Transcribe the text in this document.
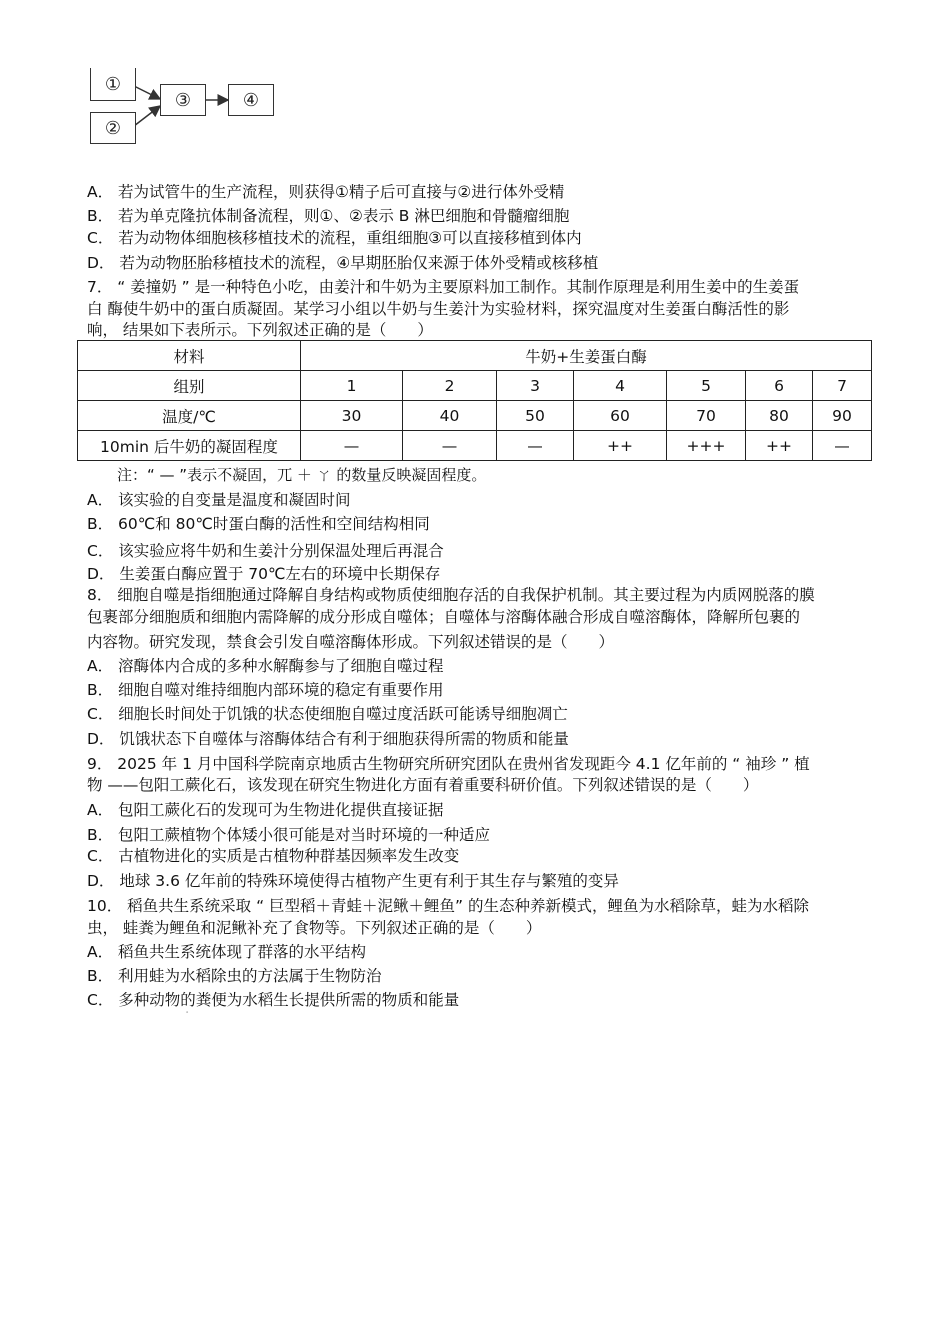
①
②
③	④
A． 若为试管牛的生产流程，则获得①精子后可直接与②进行体外受精
B． 若为单克隆抗体制备流程，则①、②表示 B 淋巴细胞和骨髓瘤细胞
C． 若为动物体细胞核移植技术的流程，重组细胞③可以直接移植到体内
D． 若为动物胚胎移植技术的流程，④早期胚胎仅来源于体外受精或核移植
7． “ 姜撞奶 ” 是一种特色小吃，由姜汁和牛奶为主要原料加工制作。其制作原理是利用生姜中的生姜蛋
白 酶使牛奶中的蛋白质凝固。某学习小组以牛奶与生姜汁为实验材料，探究温度对生姜蛋白酶活性的影
响， 结果如下表所示。下列叙述正确的是（　　）
材料	牛奶+生姜蛋白酶						
组别	1	2	3	4	5	6	7
温度/℃	30	40	50	60	70	80	90
10min 后牛奶的凝固程度	—	—	—	++	+++	++	—
注：“ — ”表示不凝固，ㄫ ＋ ㄚ 的数量反映凝固程度。
A． 该实验的自变量是温度和凝固时间
B． 60℃和 80℃时蛋白酶的活性和空间结构相同
C． 该实验应将牛奶和生姜汁分别保温处理后再混合
D． 生姜蛋白酶应置于 70℃左右的环境中长期保存
8． 细胞自噬是指细胞通过降解自身结构或物质使细胞存活的自我保护机制。其主要过程为内质网脱落的膜
包裹部分细胞质和细胞内需降解的成分形成自噬体；自噬体与溶酶体融合形成自噬溶酶体，降解所包裹的
内容物。研究发现，禁食会引发自噬溶酶体形成。下列叙述错误的是（　　）
A． 溶酶体内合成的多种水解酶参与了细胞自噬过程
B． 细胞自噬对维持细胞内部环境的稳定有重要作用
C． 细胞长时间处于饥饿的状态使细胞自噬过度活跃可能诱导细胞凋亡
D． 饥饿状态下自噬体与溶酶体结合有利于细胞获得所需的物质和能量
9． 2025 年 1 月中国科学院南京地质古生物研究所研究团队在贵州省发现距今 4.1 亿年前的 “ 袖珍 ” 植
物 ——包阳工蕨化石，该发现在研究生物进化方面有着重要科研价值。下列叙述错误的是（　　）
A． 包阳工蕨化石的发现可为生物进化提供直接证据
B． 包阳工蕨植物个体矮小很可能是对当时环境的一种适应
C． 古植物进化的实质是古植物种群基因频率发生改变
D． 地球 3.6 亿年前的特殊环境使得古植物产生更有利于其生存与繁殖的变异
10． 稻鱼共生系统采取 “ 巨型稻＋青蛙＋泥鳅＋鲤鱼” 的生态种养新模式，鲤鱼为水稻除草，蛙为水稻除
虫， 蛙粪为鲤鱼和泥鳅补充了食物等。下列叙述正确的是（　　）
A． 稻鱼共生系统体现了群落的水平结构
B． 利用蛙为水稻除虫的方法属于生物防治
C． 多种动物的粪便为水稻生长提供所需的物质和能量
ﾟ
